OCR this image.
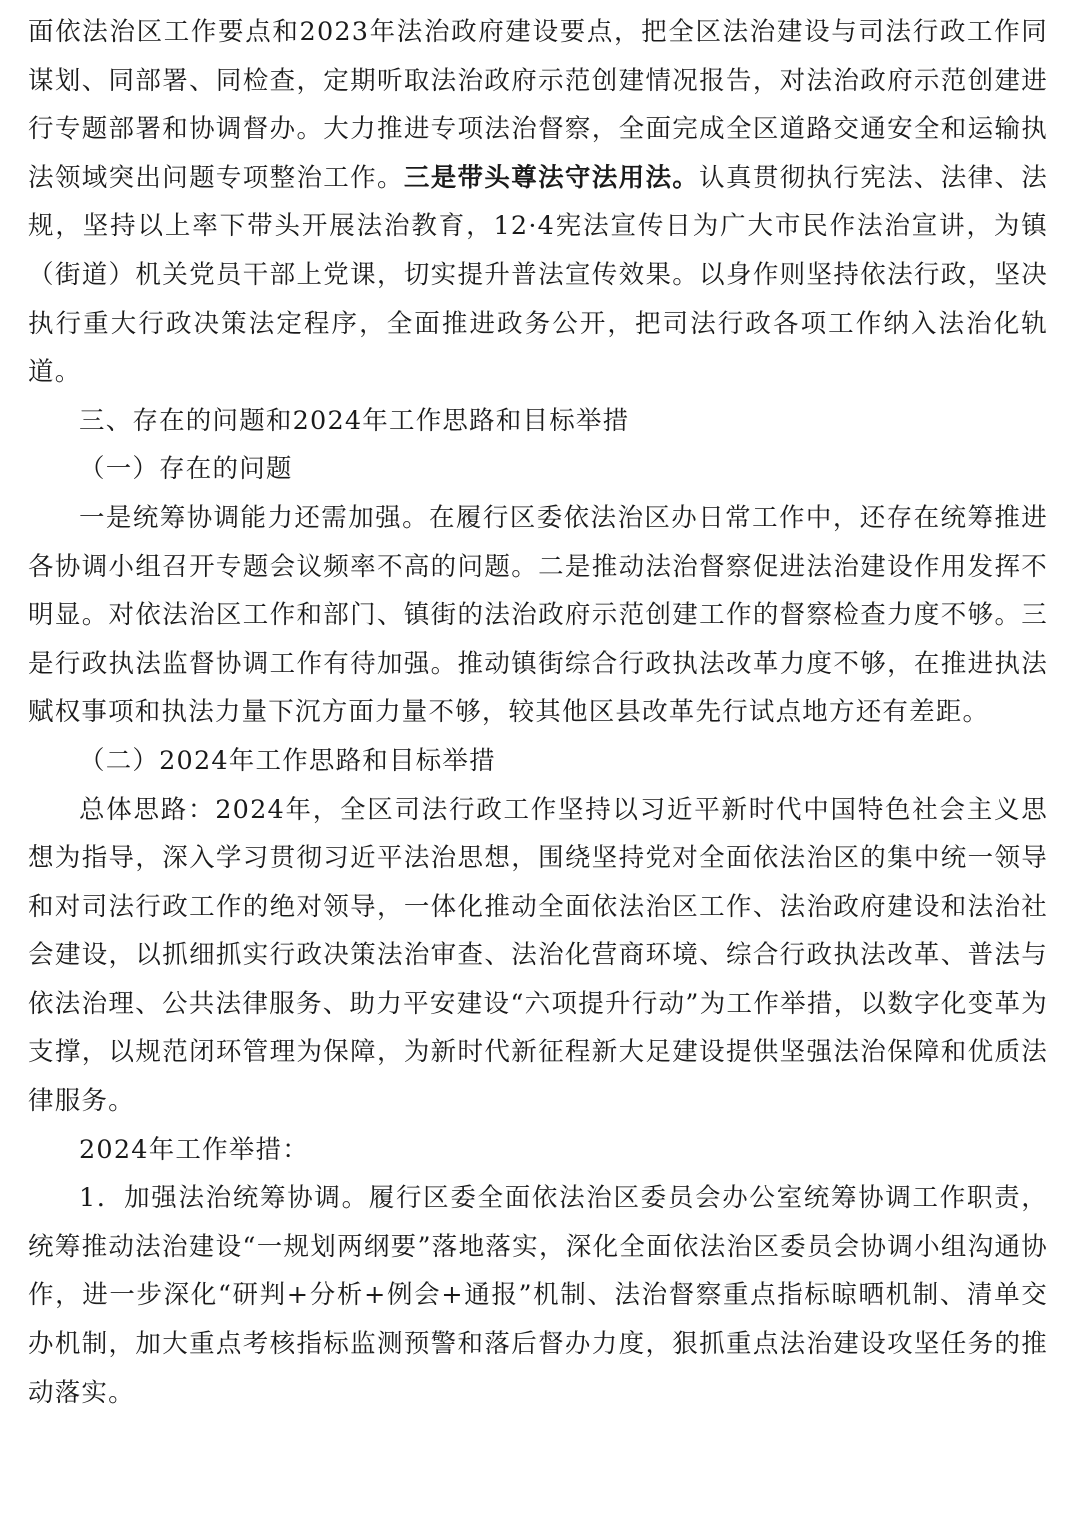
面依法治区工作要点和2023年法治政府建设要点，把全区法治建设与司法行政工作同谋划、同部署、同检查，定期听取法治政府示范创建情况报告，对法治政府示范创建进行专题部署和协调督办。大力推进专项法治督察，全面完成全区道路交通安全和运输执法领域突出问题专项整治工作。三是带头尊法守法用法。认真贯彻执行宪法、法律、法规，坚持以上率下带头开展法治教育，12·4宪法宣传日为广大市民作法治宣讲，为镇（街道）机关党员干部上党课，切实提升普法宣传效果。以身作则坚持依法行政，坚决执行重大行政决策法定程序，全面推进政务公开，把司法行政各项工作纳入法治化轨道。

三、存在的问题和2024年工作思路和目标举措

（一）存在的问题

一是统筹协调能力还需加强。在履行区委依法治区办日常工作中，还存在统筹推进各协调小组召开专题会议频率不高的问题。二是推动法治督察促进法治建设作用发挥不明显。对依法治区工作和部门、镇街的法治政府示范创建工作的督察检查力度不够。三是行政执法监督协调工作有待加强。推动镇街综合行政执法改革力度不够，在推进执法赋权事项和执法力量下沉方面力量不够，较其他区县改革先行试点地方还有差距。

（二）2024年工作思路和目标举措

总体思路：2024年，全区司法行政工作坚持以习近平新时代中国特色社会主义思想为指导，深入学习贯彻习近平法治思想，围绕坚持党对全面依法治区的集中统一领导和对司法行政工作的绝对领导，一体化推动全面依法治区工作、法治政府建设和法治社会建设，以抓细抓实行政决策法治审查、法治化营商环境、综合行政执法改革、普法与依法治理、公共法律服务、助力平安建设“六项提升行动”为工作举措，以数字化变革为支撑，以规范闭环管理为保障，为新时代新征程新大足建设提供坚强法治保障和优质法律服务。

2024年工作举措：

1．加强法治统筹协调。履行区委全面依法治区委员会办公室统筹协调工作职责，统筹推动法治建设“一规划两纲要”落地落实，深化全面依法治区委员会协调小组沟通协作，进一步深化“研判+分析+例会+通报”机制、法治督察重点指标晾晒机制、清单交办机制，加大重点考核指标监测预警和落后督办力度，狠抓重点法治建设攻坚任务的推动落实。
